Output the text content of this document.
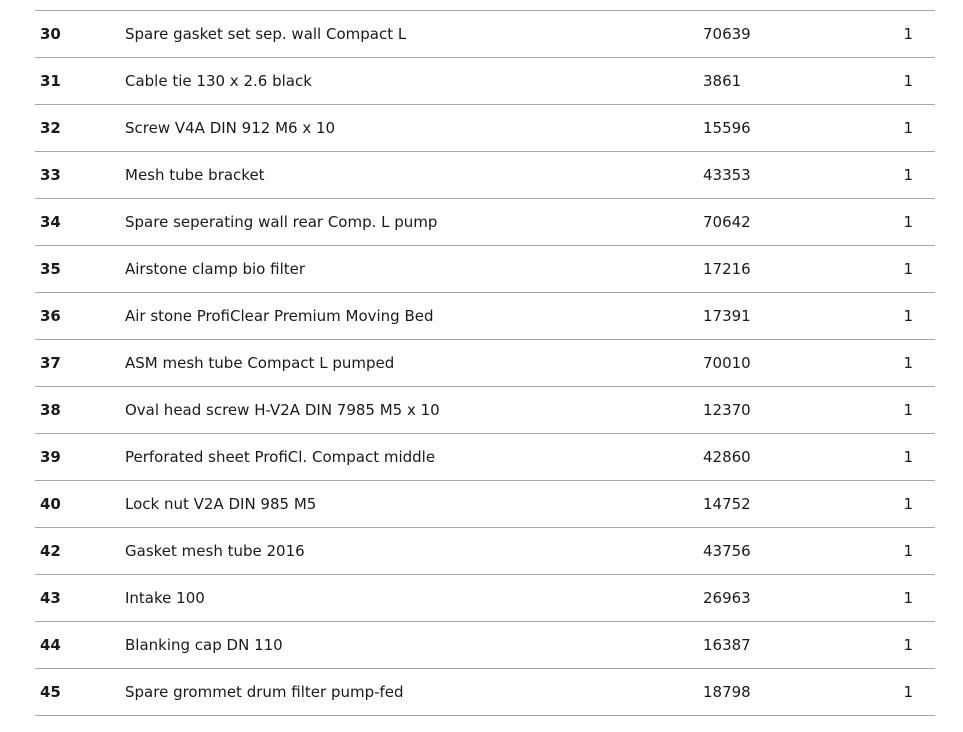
30	Spare gasket set sep. wall Compact L	70639	1
31	Cable tie 130 x 2.6 black	3861	1
32	Screw V4A DIN 912 M6 x 10	15596	1
33	Mesh tube bracket	43353	1
34	Spare seperating wall rear Comp. L pump	70642	1
35	Airstone clamp bio filter	17216	1
36	Air stone ProfiClear Premium Moving Bed	17391	1
37	ASM mesh tube Compact L pumped	70010	1
38	Oval head screw H-V2A DIN 7985 M5 x 10	12370	1
39	Perforated sheet ProfiCl. Compact middle	42860	1
40	Lock nut V2A DIN 985 M5	14752	1
42	Gasket mesh tube 2016	43756	1
43	Intake 100	26963	1
44	Blanking cap DN 110	16387	1
45	Spare grommet drum filter pump-fed	18798	1
